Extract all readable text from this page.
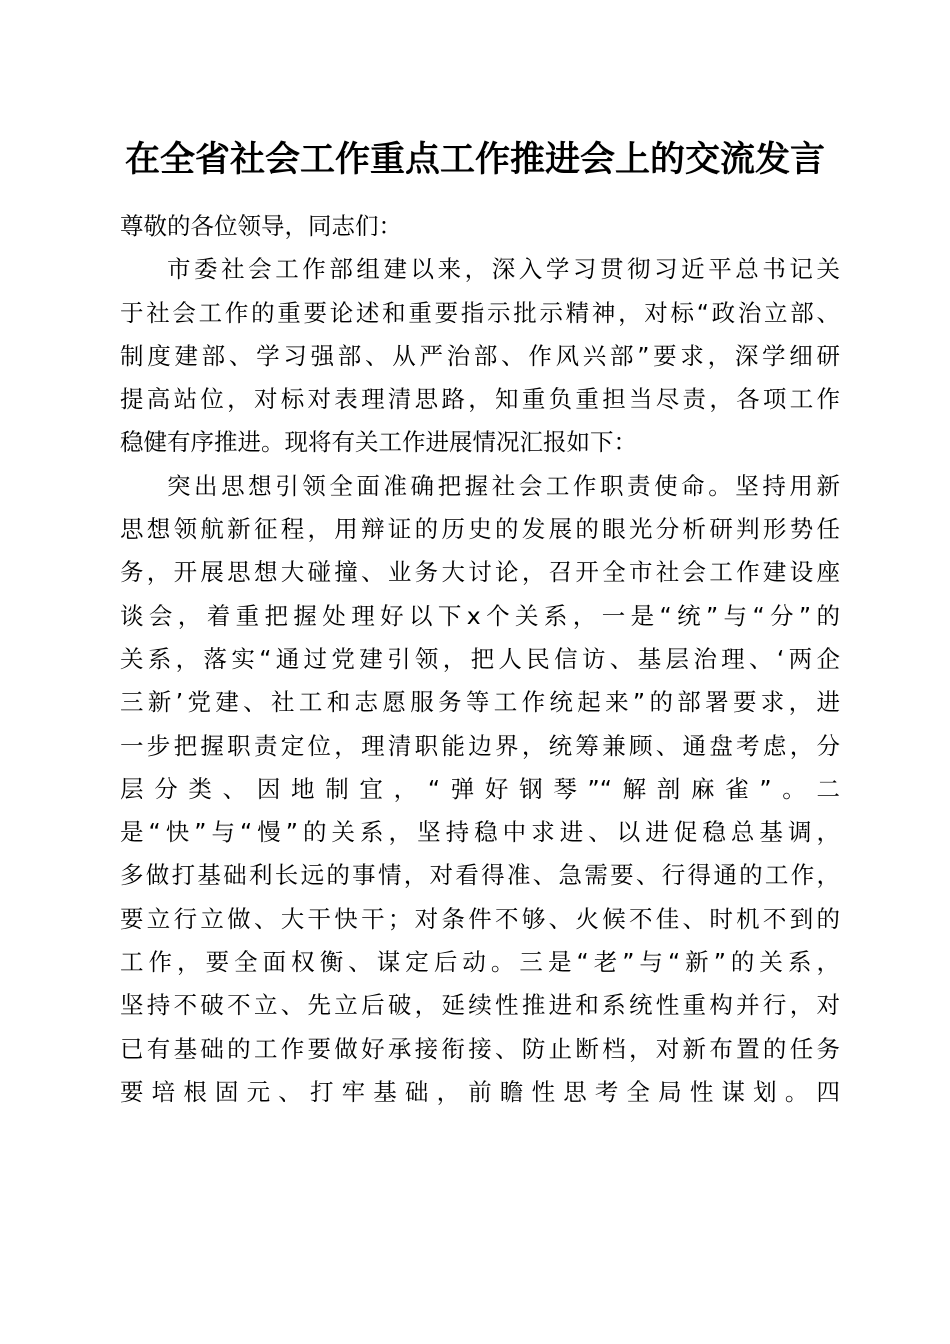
在全省社会工作重点工作推进会上的交流发言
尊敬的各位领导，同志们：
市委社会工作部组建以来，深入学习贯彻习近平总书记关
于社会工作的重要论述和重要指示批示精神，对标“政治立部、
制度建部、学习强部、从严治部、作风兴部”要求，深学细研
提高站位，对标对表理清思路，知重负重担当尽责，各项工作
稳健有序推进。现将有关工作进展情况汇报如下：
突出思想引领全面准确把握社会工作职责使命。坚持用新
思想领航新征程，用辩证的历史的发展的眼光分析研判形势任
务，开展思想大碰撞、业务大讨论，召开全市社会工作建设座
谈会，着重把握处理好以下x个关系，一是“统”与“分”的
关系，落实“通过党建引领，把人民信访、基层治理、‘两企
三新’党建、社工和志愿服务等工作统起来”的部署要求，进
一步把握职责定位，理清职能边界，统筹兼顾、通盘考虑，分
层分类、因地制宜，“弹好钢琴”“解剖麻雀”。二
是“快”与“慢”的关系，坚持稳中求进、以进促稳总基调，
多做打基础利长远的事情，对看得准、急需要、行得通的工作，
要立行立做、大干快干；对条件不够、火候不佳、时机不到的
工作，要全面权衡、谋定后动。三是“老”与“新”的关系，
坚持不破不立、先立后破，延续性推进和系统性重构并行，对
已有基础的工作要做好承接衔接、防止断档，对新布置的任务
要培根固元、打牢基础，前瞻性思考全局性谋划。四
